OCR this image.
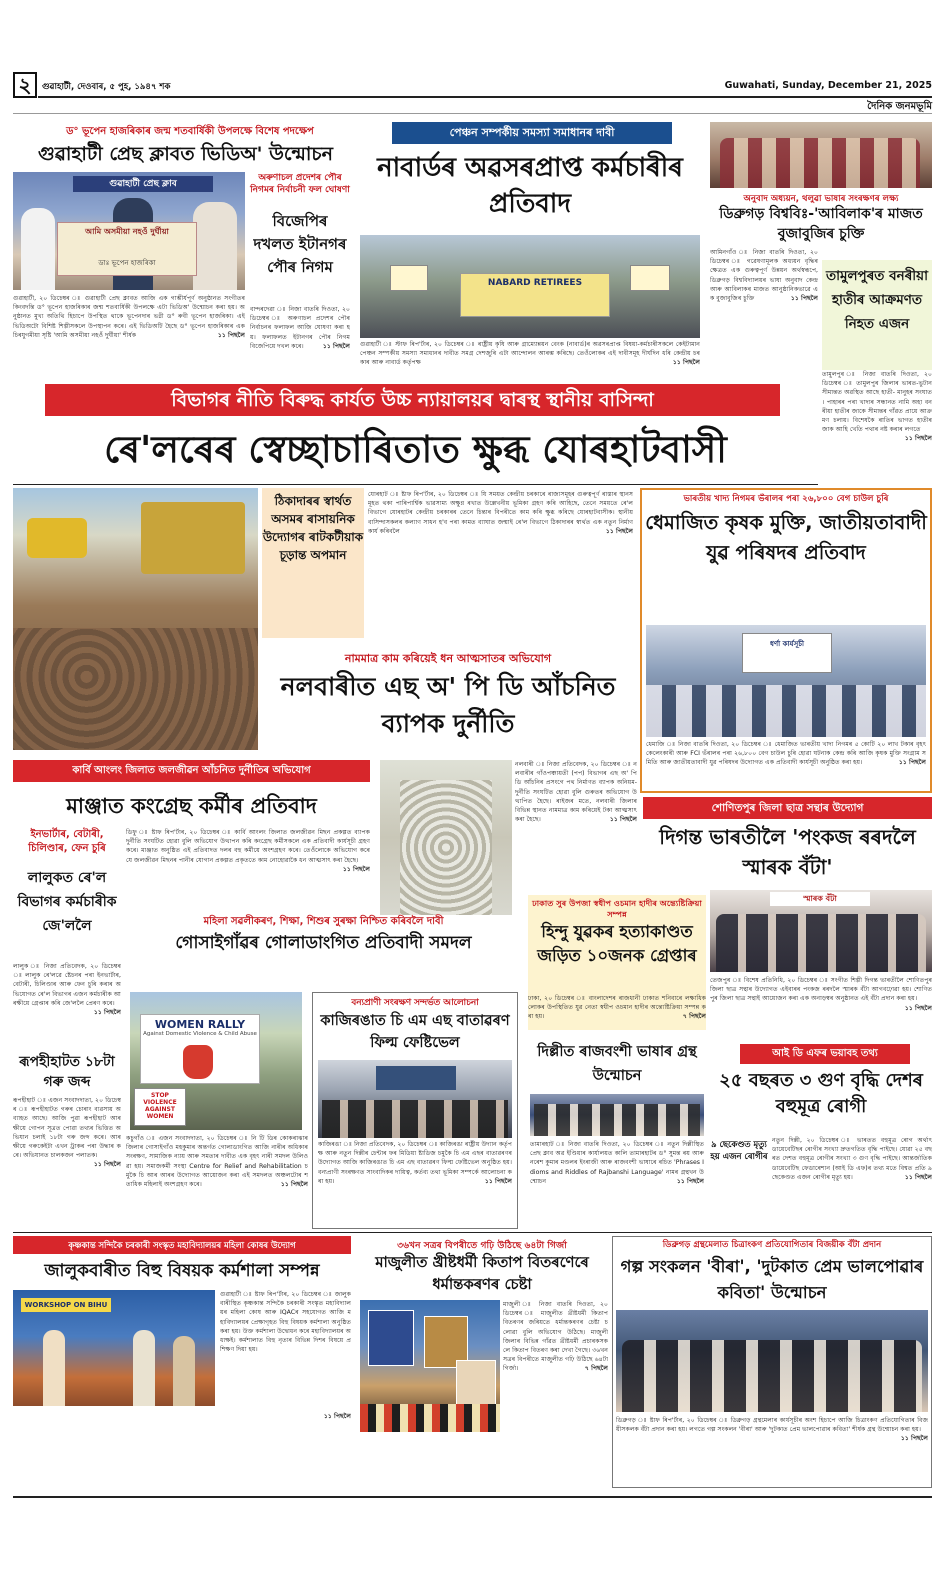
২	গুৱাহাটী, দেওবাৰ, ৫ পুহ, ১৯৪৭ শক	Guwahati, Sunday, December 21, 2025
দৈনিক জনমভূমি
ড° ভূপেন হাজৰিকাৰ জন্ম শতবাৰ্ষিকী উপলক্ষে বিশেষ পদক্ষেপ
গুৱাহাটী প্ৰেছ ক্লাবত ভিডিঅ' উন্মোচন
গুৱাহাটী প্ৰেছ ক্লাব
আমি অসমীয়া নহওঁ দুৰ্ঘীয়া
ডাঃ ভূপেন হাজৰিকা
গুৱাহাটী, ২০ ডিচেম্বৰ ঃ গুৱাহাটী প্ৰেছ ক্লাবত আজি এক গাম্ভীৰ্যপূৰ্ণ অনুষ্ঠানত সংগীতৰ কিংবদন্তি ড° ভূপেন হাজৰিকাৰ জন্ম শতবাৰ্ষিকী উপলক্ষে এটা ভিডিঅ' উন্মোচন কৰা হয়। অনুষ্ঠানত মুখ্য অতিথি হিচাপে উপস্থিত থাকে ভূপেনদাৰ ভগ্নী ড° ৰুবী ভূপেন হাজৰিকা। এই ভিডিঅটো বিশিষ্ট শিল্পীসকলে উপস্থাপন কৰে। এই ভিডিঅটি হৈছে ড° ভূপেন হাজৰিকাৰ এক চিৰযুগমীয়া সৃষ্টি 'আমি অসমীয়া নহওঁ দুৰ্ঘীয়া' শীৰ্ষক	১১ পিছলৈ
অৰুণাচল প্ৰদেশৰ পৌৰ নিগমৰ নিৰ্বাচনী ফল ঘোষণা
বিজেপিৰ দখলত ইটানগৰ পৌৰ নিগম
বান্দৰদেৱা ঃ নিজা বাতৰি দিওতা, ২০ ডিচেম্বৰ ঃ অৰুণাচল প্ৰদেশৰ পৌৰ নিৰ্বাচনৰ ফলাফল আজি ঘোষণা কৰা হয়। ফলাফলত ইটানগৰ পৌৰ নিগম বিজেপিয়ে দখল কৰে।	১১ পিছলৈ
পেঞ্চন সম্পৰ্কীয় সমস্যা সমাধানৰ দাবী
নাবাৰ্ডৰ অৱসৰপ্ৰাপ্ত কৰ্মচাৰীৰ প্ৰতিবাদ
NABARD RETIREES
গুৱাহাটী ঃ স্টাফ ৰিপ'ৰ্টাৰ, ২০ ডিচেম্বৰ ঃ ৰাষ্ট্ৰীয় কৃষি আৰু গ্ৰাম্যোন্নয়ন বেংক (নাবাৰ্ড)ৰ অৱসৰপ্ৰাপ্ত বিষয়া-কৰ্মচাৰীসকলে কেইটামান পেঞ্চন সম্পৰ্কীয় সমস্যা সমাধানৰ দাবীত সমগ্ৰ দেশজুৰি এটা আন্দোলন আৰম্ভ কৰিছে। তেওঁলোকৰ এই দাবীসমূহ দীৰ্ঘদিন ধৰি কেন্দ্ৰীয় চৰকাৰ আৰু নাবাৰ্ড কৰ্তৃপক্ষ	১১ পিছলৈ
অনুবাদ অধ্যয়ন, থলুৱা ভাষাৰ সংৰক্ষণৰ লক্ষ্য
ডিব্ৰুগড় বিশ্ববিঃ-'আবিলাক'ৰ মাজত বুজাবুজিৰ চুক্তি
আমিনগাঁও ঃ নিজা বাতৰি দিওতা, ২০ ডিচেম্বৰ ঃ গৱেষণামূলক অধ্যয়ন বৃদ্ধিৰ ক্ষেত্ৰত এক গুৰুত্বপূৰ্ণ উন্নয়ন অৰ্থস্বৰূপে, ডিব্ৰুগড় বিশ্ববিদ্যালয়ৰ ভাষা অনুবাদ কেন্দ্ৰ আৰু আবিলাকৰ মাজত আনুষ্ঠানিকভাৱে এক বুজাবুজিৰ চুক্তি	১১ পিছলৈ
তামুলপুৰত বনৰীয়া হাতীৰ আক্ৰমণত নিহত এজন
তামুলপুৰ ঃ নিজা বাতৰি দিওতা, ২০ ডিচেম্বৰ ঃ তামুলপুৰ জিলাৰ ভাৰত-ভুটান সীমান্তত অৱস্থিত আছে হাতী- মানুহৰ সংঘাত। পাহাৰৰ পৰা খাদ্যৰ সন্ধানত নামি অহা বনৰীয়া হাতীৰ জাকে সীমান্তৰ গাঁৱত প্ৰায়ে আক্ৰমণ চলায়। বিশেষকৈ ৰাতিৰ ভাগত হাতীৰ জাক আহি খেতি পথাৰ নষ্ট কৰাৰ লগতে
১১ পিছলৈ
বিভাগৰ নীতি বিৰুদ্ধ কাৰ্যত উচ্চ ন্যায়ালয়ৰ দ্বাৰস্থ স্থানীয় বাসিন্দা
ৰে'লৰেৰ স্বেচ্ছাচাৰিতাত ক্ষুব্ধ যোৰহাটবাসী
ঠিকাদাৰৰ স্বাৰ্থত অসমৰ ৰাসায়নিক উদ্যোগৰ ৰাটকটীয়াক চূড়ান্ত অপমান
যোৰহাট ঃ ষ্টাফ ৰিপ'ৰ্টাৰ, ২০ ডিচেম্বৰ ঃ যি সময়ত কেন্দ্ৰীয় চৰকাৰে ৰাজ্যসমূহৰ গুৰুত্বপূৰ্ণ ৰাস্তাৰ স্থানসমূহত থকা পাৰিপাৰ্শ্বিক ভাৱসাম্য অক্ষুণ্ণ ৰখাত উল্লেখনীয় ভূমিকা গ্ৰহণ কৰি আহিছে, তেনে সময়তে ৰে'ল বিভাগে যোৰহাটৰ কেন্দ্ৰীয় চৰকাৰৰ তেনে চিন্তাৰ বিপৰীতে কাম কৰি ক্ষুব্ধ কৰিছে যোৰহাটবাসীক। স্থানীয় বাসিন্দাসকলৰ কল্যাণ সাধন হ'ব পৰা কামত ব্যাঘাত জন্মাই ৰে'ল বিভাগে ঠিকাদাৰৰ স্বাৰ্থত এক নতুন নিৰ্মাণকাৰ্য কৰিবলৈ	১১ পিছলৈ
ভাৰতীয় খাদ্য নিগমৰ ভঁৰালৰ পৰা ২৬,৮০০ বেগ চাউল চুৰি
ধেমাজিত কৃষক মুক্তি, জাতীয়তাবাদী যুৱ পৰিষদৰ প্ৰতিবাদ
ধৰ্ণা কাৰ্যসূচী
ধেমাজি ঃ নিজা বাতৰি দিওতা, ২০ ডিচেম্বৰ ঃ ধেমাজিত ভাৰতীয় খাদ্য নিগমৰ ৫ কোটি ২০ লাখ টকাৰ বৃহৎ কেলেংকাৰী আৰু FCI ভঁৰালৰ পৰা ২৬,৮০০ বেগ চাউল চুৰি হোৱা ঘটনাক কেন্দ্ৰ কৰি আজি কৃষক মুক্তি সংগ্ৰাম সমিতি আৰু জাতীয়তাবাদী যুৱ পৰিষদৰ উদ্যোগত এক প্ৰতিবাদী কাৰ্যসূচী অনুষ্ঠিত কৰা হয়।	১১ পিছলৈ
নামমাত্ৰ কাম কৰিয়েই ধন আত্মসাতৰ অভিযোগ
নলবাৰীত এছ অ' পি ডি আঁচনিত ব্যাপক দুৰ্নীতি
কাৰ্বি আংলং জিলাত জলজীৱন আঁচনিত দুৰ্নীতিৰ অভিযোগ
মাঞ্জাত কংগ্ৰেছ কৰ্মীৰ প্ৰতিবাদ
ডিফু ঃ ষ্টাফ ৰিপ'ৰ্টাৰ, ২০ ডিচেম্বৰ ঃ কাৰ্বি আংলং জিলাত জলজীৱন মিছন প্ৰকল্পত ব্যাপক দুৰ্নীতি সংঘটিত হোৱা বুলি অভিযোগ উত্থাপন কৰি কংগ্ৰেছ কৰ্মীসকলে এক প্ৰতিবাদী কাৰ্যসূচী গ্ৰহণ কৰে। মাঞ্জাত অনুষ্ঠিত এই প্ৰতিবাদত দলৰ বহু কৰ্মীয়ে অংশগ্ৰহণ কৰে। তেওঁলোকে অভিযোগ কৰে যে জলজীৱন মিছনৰ পানীৰ যোগান প্ৰকল্পত প্ৰকৃততে কাম নোহোৱাকৈ ধন আত্মসাৎ কৰা হৈছে।
১১ পিছলৈ
নলবাৰী ঃ নিজা প্ৰতিবেদক, ২০ ডিচেম্বৰ ঃ নলবাৰীৰ গাঁওপঞ্চায়তী (পপ) বিভাগৰ এছ অ' পি ডি আঁচনিৰ প্ৰসংগে পথ নিৰ্মাণত ব্যাপক অনিয়ম-দুৰ্নীতি সংঘটিত হোৱা বুলি গুৰুতৰ অভিযোগ উত্থাপিত হৈছে। ৰাইজৰ মতে, নলবাৰী জিলাৰ বিভিন্ন স্থানত নামমাত্ৰ কাম কৰিয়েই টকা আত্মসাৎ কৰা হৈছে।	১১ পিছলৈ
ইনভাৰ্টাৰ, বেটাৰী, চিলিণ্ডাৰ, ফেন চুৰি
লালুকত ৰে'ল বিভাগৰ কৰ্মচাৰীক জে'ললৈ
লালুক ঃ নিজা প্ৰতিবেদক, ২০ ডিচেম্বৰ ঃ লালুক ৰে'লৱে ষ্টেচনৰ পৰা ইনভাৰ্টাৰ, বেটাৰী, চিলিণ্ডাৰ আৰু ফেন চুৰি কৰাৰ অভিযোগত ৰে'ল বিভাগৰ এজন কৰ্মচাৰীক আৰক্ষীয়ে গ্ৰেপ্তাৰ কৰি জে'ললৈ প্ৰেৰণ কৰে।
১১ পিছলৈ
ৰূপহীহাটত ১৮টা গৰু জব্দ
ৰূপহীহাট ঃ এজন সংবাদদাতা, ২০ ডিচেম্বৰ ঃ ৰূপহীহাটত গৰুৰ চোৰাং ব্যৱসায় অব্যাহত আছে। আজি পুৱা ৰূপহীহাট আৰক্ষীয়ে গোপন সূত্ৰত পোৱা তথ্যৰ ভিত্তিত অভিযান চলাই ১৮টা গৰু জব্দ কৰে। আৰক্ষীয়ে গৰুকেইটা এখন ট্ৰাকৰ পৰা উদ্ধাৰ কৰে। অভিযানত চালকজন পলাতক।
১১ পিছলৈ
শোণিতপুৰ জিলা ছাত্ৰ সন্থাৰ উদ্যোগ
দিগন্ত ভাৰতীলৈ 'পংকজ ৰৰদলৈ স্মাৰক বঁটা'
স্মাৰক বঁটা
তেজপুৰ ঃ বিশেষ প্ৰতিনিধি, ২০ ডিচেম্বৰ ঃ সংগীত শিল্পী দিগন্ত ভাৰতীলৈ শোণিতপুৰ জিলা ছাত্ৰ সন্থাৰ উদ্যোগত এইবাৰৰ পংকজ ৰৰদলৈ স্মাৰক বঁটা আগবঢ়োৱা হয়। শোণিতপুৰ জিলা ছাত্ৰ সন্থাই আয়োজন কৰা এক অনাড়ম্বৰ অনুষ্ঠানত এই বঁটা প্ৰদান কৰা হয়।
১১ পিছলৈ
মহিলা সৱলীকৰণ, শিক্ষা, শিশুৰ সুৰক্ষা নিশ্চিত কৰিবলৈ দাবী
গোসাইগাঁৱৰ গোলাডাংগিত প্ৰতিবাদী সমদল
WOMEN RALLY
Against Domestic Violence & Child Abuse
STOP VIOLENCE AGAINST WOMEN
কচুগাঁও ঃ এজন সংবাদদাতা, ২০ ডিচেম্বৰ ঃ নি টি ডিৰ কোকৰাঝাৰ জিলাৰ গোসাইগাঁও মহকুমাৰ অন্তৰ্গত গোলাডাংগিত আজি নাৰীৰ অধিকাৰ সংৰক্ষণ, সামাজিক ন্যায় আৰু সমতাৰ দাবীত এক বৃহৎ নাৰী সমদল উলিওৱা হয়। সমাজকৰ্মী সংস্থা Centre for Relief and Rehabilitation চমুকৈ চি আৰ আৰৰ উদ্যোগত আয়োজন কৰা এই সমদলত অঞ্চলটোৰ শতাধিক মহিলাই অংশগ্ৰহণ কৰে।	১১ পিছলৈ
বন্যপ্ৰাণী সংৰক্ষণ সন্দৰ্ভত আলোচনা
কাজিৰঙাত চি এম এছ বাতাৱৰণ ফিল্ম ফেষ্টিভেল
কাজিৰঙা ঃ নিজা প্ৰতিবেদক, ২০ ডিচেম্বৰ ঃ কাজিৰঙা ৰাষ্ট্ৰীয় উদ্যান কৰ্তৃপক্ষ আৰু নতুন দিল্লীৰ চেন্টাৰ ফৰ মিডিয়া ষ্টাডিজ চমুকৈ চি এম এছৰ বাতাৱৰণৰ উদ্যোগত আজি কাজিৰঙাত চি এম এছ বাতাৱৰণ ফিল্ম ফেষ্টিভেল অনুষ্ঠিত হয়। বন্যপ্ৰাণী সংৰক্ষণত সাংবাদিকৰ দায়িত্ব, কৰ্তব্য তথা ভূমিকা সম্পৰ্কে আলোচনা কৰা হয়।	১১ পিছলৈ
ঢাকাত সুৰ উপজা স্বধীপ ওচমান হাদীৰ অন্ত্যেষ্টিক্ৰিয়া সম্পন্ন
হিন্দু যুৱকৰ হত্যাকাণ্ডত জড়িত ১০জনক গ্ৰেপ্তাৰ
ঢাকা, ২০ ডিচেম্বৰ ঃ বাংলাদেশৰ ৰাজধানী ঢাকাত শনিবাৰে লক্ষাধিক লোকৰ উপস্থিতিত যুৱ নেতা স্বধীপ ওচমান হাদীৰ অন্ত্যেষ্টিক্ৰিয়া সম্পন্ন কৰা হয়।	৭ পিছলৈ
দিল্লীত ৰাজবংশী ভাষাৰ গ্ৰন্থ উন্মোচন
তামাৰহাট ঃ নিজা বাতৰি দিওতা, ২০ ডিচেম্বৰ ঃ নতুন দিল্লীস্থিত প্ৰেছ ক্লাব অৱ ইণ্ডিয়াৰ কাৰ্যালয়ত কালি তামাৰহাটৰ ড° সুমন্ত ৰয় আৰু নৰেশ কুমাৰ মণ্ডলৰ ইংৰাজী আৰু ৰাজবংশী ভাষাৰে ৰচিত 'Phrases Idioms and Riddles of Rajbanshi Language' নামৰ গ্ৰন্থখন উন্মোচন	১১ পিছলৈ
আই ডি এফৰ ভয়াবহ তথ্য
২৫ বছৰত ৩ গুণ বৃদ্ধি দেশৰ বহুমূত্ৰ ৰোগী
৯ ছেকেণ্ডত মৃত্যু হয় এজন ৰোগীৰ
নতুন দিল্লী, ২০ ডিচেম্বৰ ঃ ভাৰতত বহুমূত্ৰ ৰোগ অৰ্থাৎ ডায়েবেটিছৰ ৰোগীৰ সংখ্যা দ্ৰুতগতিত বৃদ্ধি পাইছে। যোৱা ২৫ বছৰত দেশত বহুমূত্ৰ ৰোগীৰ সংখ্যা ৩ গুণ বৃদ্ধি পাইছে। আন্তৰ্জাতিক ডায়েবেটিছ ফেডাৰেশ্যন (আই ডি এফ)ৰ তথ্য মতে বিশ্বত প্ৰতি ৯ ছেকেণ্ডত এজন ৰোগীৰ মৃত্যু হয়।	১১ পিছলৈ
কৃষ্ণকান্ত সন্দিকৈ চৰকাৰী সংস্কৃত মহাবিদ্যালয়ৰ মহিলা কোষৰ উদ্যোগ
জালুকবাৰীত বিহু বিষয়ক কৰ্মশালা সম্পন্ন
WORKSHOP ON BIHU
গুৱাহাটী ঃ ষ্টাফ ৰিপ'ৰ্টাৰ, ২০ ডিচেম্বৰ ঃ জালুকবাৰীস্থিত কৃষ্ণকান্ত সন্দিকৈ চৰকাৰী সংস্কৃত মহাবিদ্যালয়ৰ মহিলা কোষ আৰু IQACৰ সহযোগত আজি মহাবিদ্যালয়ৰ প্ৰেক্ষাগৃহত বিহু বিষয়ক কৰ্মশালা অনুষ্ঠিত কৰা হয়। উক্ত কৰ্মশালা উদ্বোধন কৰে মহাবিদ্যালয়ৰ অধ্যক্ষই। কৰ্মশালাত বিহু নৃত্যৰ বিভিন্ন দিশৰ বিষয়ে প্ৰশিক্ষণ দিয়া হয়।
১১ পিছলৈ
৩৬খন সত্ৰৰ বিপৰীতে গঢ়ি উঠিছে ৬৪টা গিৰ্জা
মাজুলীত খ্ৰীষ্টধৰ্মী কিতাপ বিতৰণেৰে ধৰ্মান্তকৰণৰ চেষ্টা
মাজুলী ঃ নিজা বাতৰি দিওতা, ২০ ডিচেম্বৰ ঃ মাজুলীত খ্ৰীষ্টধৰ্মী কিতাপ বিতৰণৰ জৰিয়তে ধৰ্মান্তকৰণৰ চেষ্টা চলোৱা বুলি অভিযোগ উঠিছে। মাজুলী জিলাৰ বিভিন্ন গাঁৱত খ্ৰীষ্টধৰ্মী প্ৰচাৰকসকলে কিতাপ বিতৰণ কৰা দেখা গৈছে। ৩৬খন সত্ৰৰ বিপৰীতে মাজুলীত গঢ়ি উঠিছে ৬৪টা গিৰ্জা।	৭ পিছলৈ
ডিব্ৰুগড় গ্ৰন্থমেলাত চিত্ৰাংকণ প্ৰতিযোগিতাৰ বিজয়ীক বঁটা প্ৰদান
গল্প সংকলন 'বীৰা', 'দুটকাত প্ৰেম ভালপোৱাৰ কবিতা' উন্মোচন
ডিব্ৰুগড় ঃ ষ্টাফ ৰিপ'ৰ্টাৰ, ২০ ডিচেম্বৰ ঃ ডিব্ৰুগড় গ্ৰন্থমেলাৰ কাৰ্যসূচীৰ অংশ হিচাপে আজি চিত্ৰাংকণ প্ৰতিযোগিতাৰ বিজয়ীসকলক বঁটা প্ৰদান কৰা হয়। লগতে গল্প সংকলন 'বীৰা' আৰু 'দুটকাত প্ৰেম ভালপোৱাৰ কবিতা' শীৰ্ষক গ্ৰন্থ উন্মোচন কৰা হয়।
১১ পিছলৈ
